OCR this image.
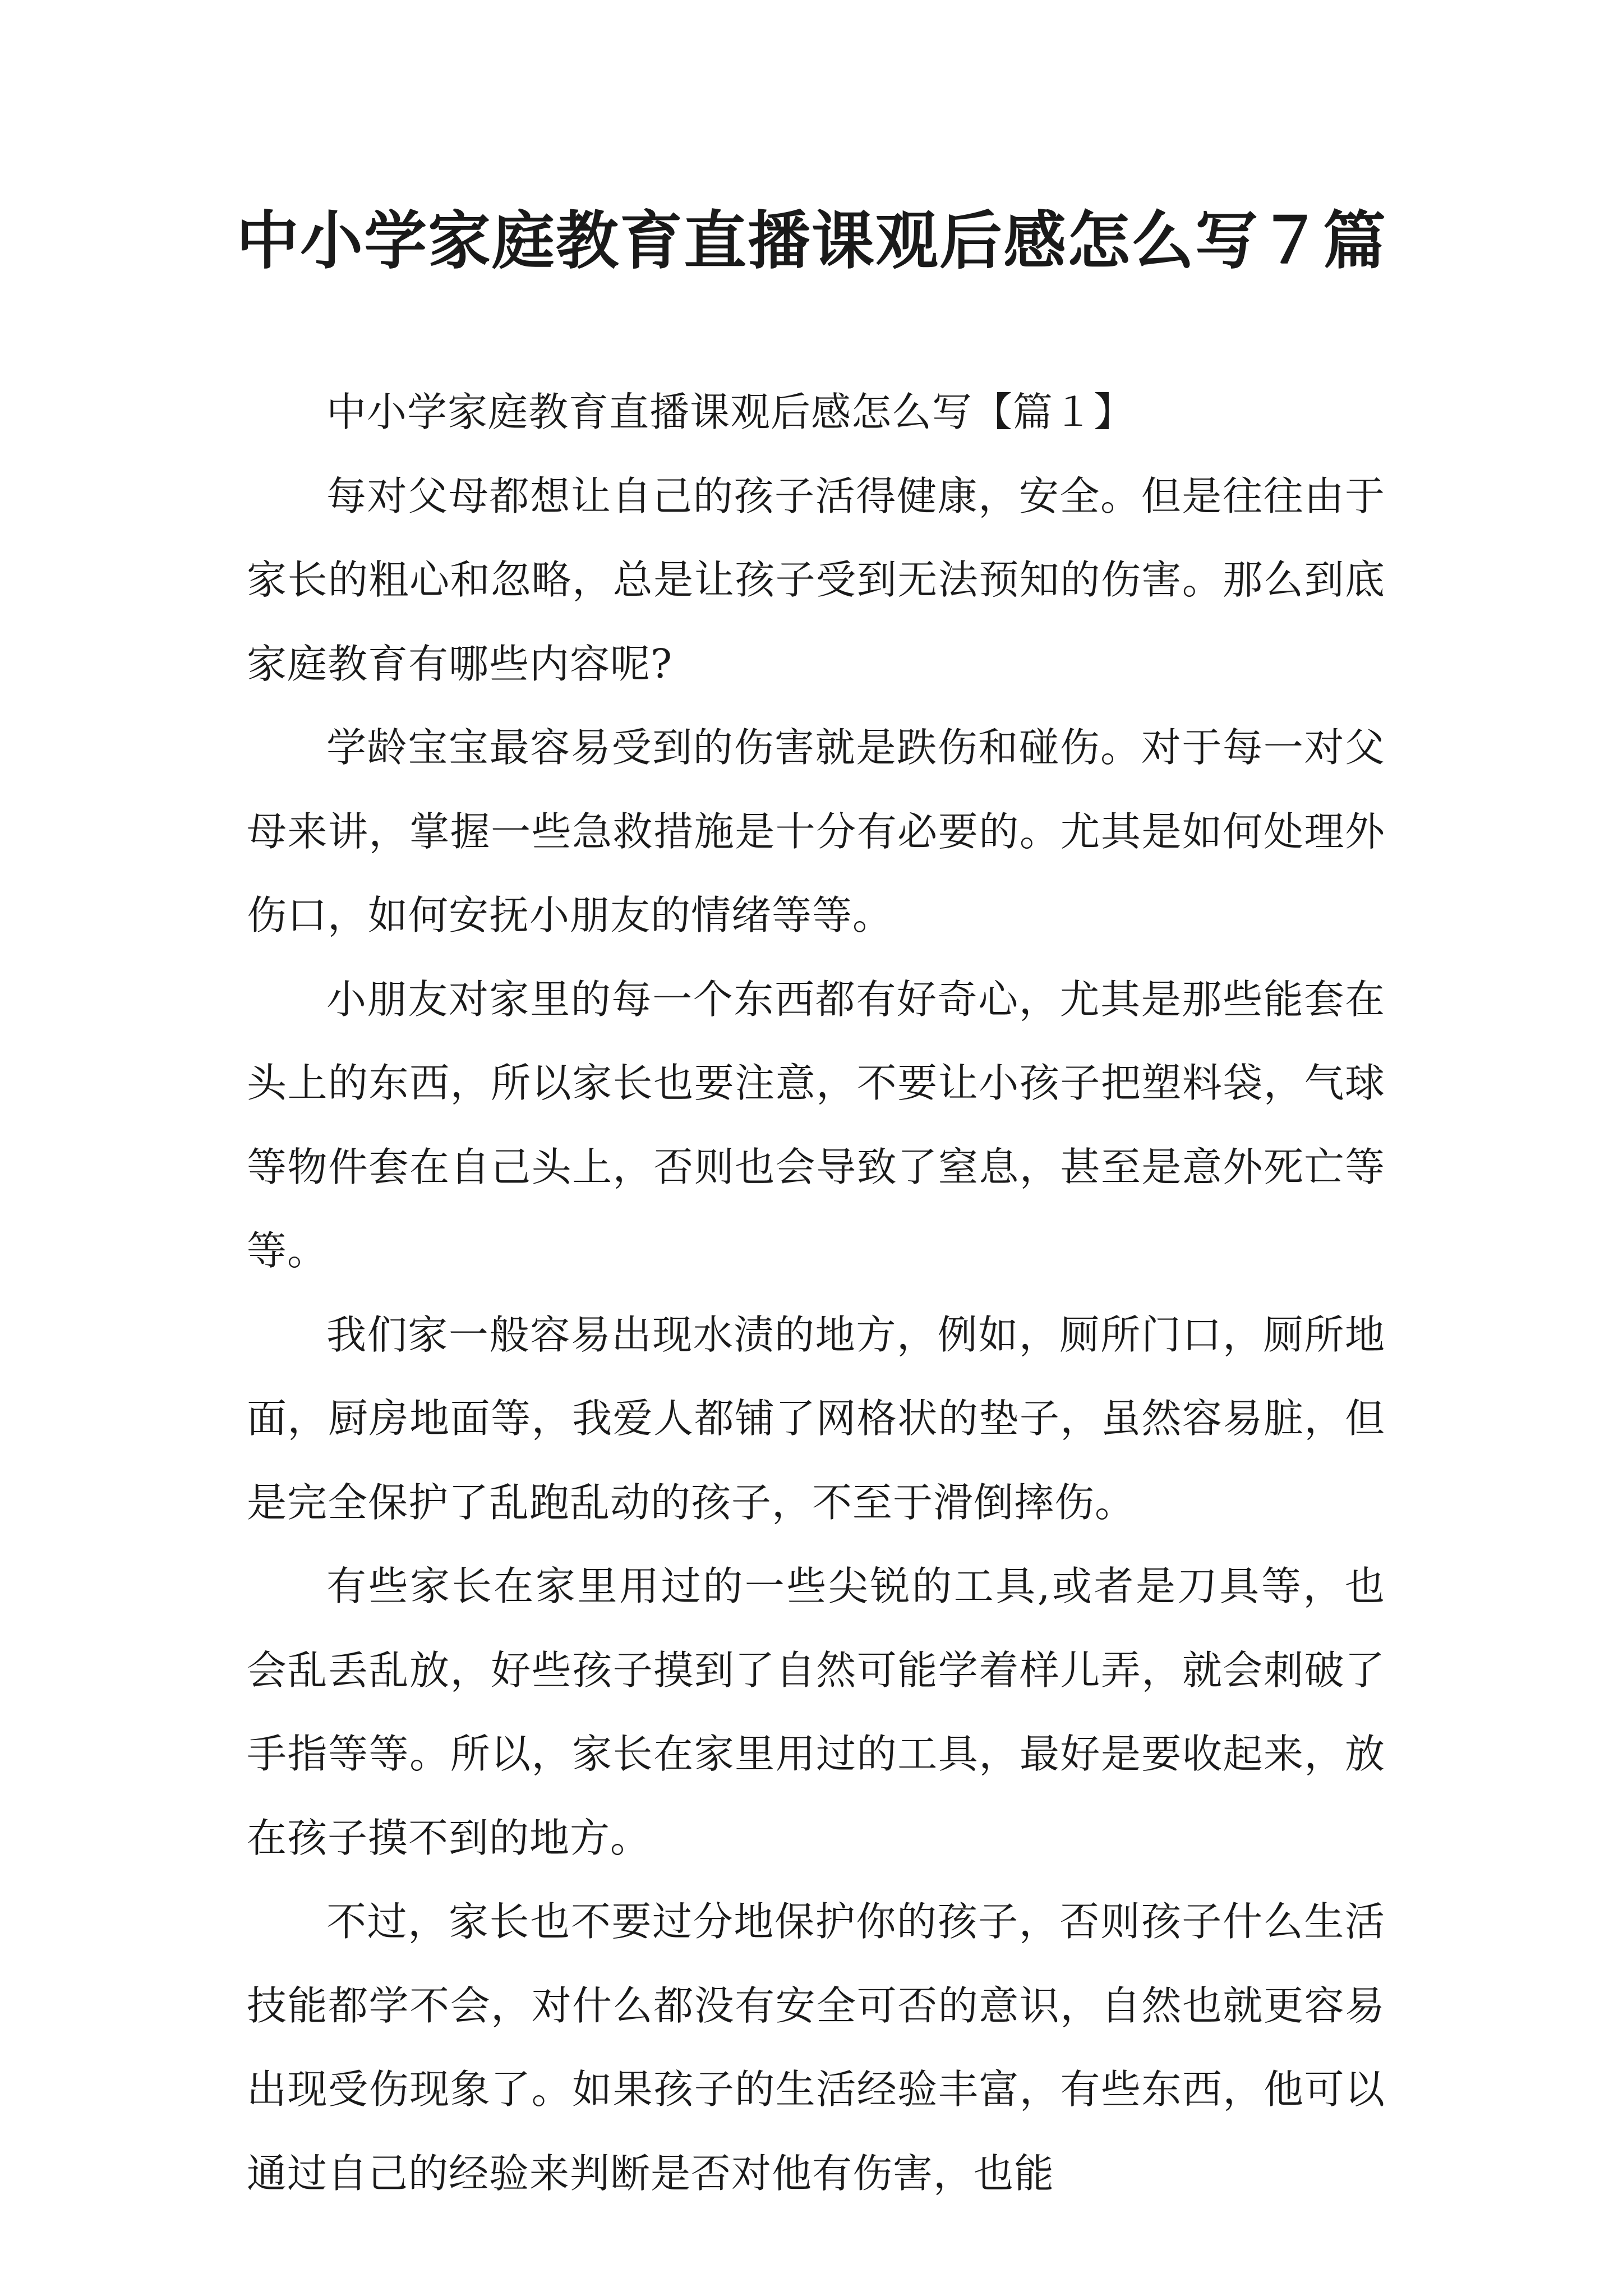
中小学家庭教育直播课观后感怎么写７篇

中小学家庭教育直播课观后感怎么写【篇１】

每对父母都想让自己的孩子活得健康，安全。但是往往由于家长的粗心和忽略，总是让孩子受到无法预知的伤害。那么到底家庭教育有哪些内容呢?

学龄宝宝最容易受到的伤害就是跌伤和碰伤。对于每一对父母来讲，掌握一些急救措施是十分有必要的。尤其是如何处理外伤口，如何安抚小朋友的情绪等等。

小朋友对家里的每一个东西都有好奇心，尤其是那些能套在头上的东西，所以家长也要注意，不要让小孩子把塑料袋，气球等物件套在自己头上，否则也会导致了窒息，甚至是意外死亡等等。

我们家一般容易出现水渍的地方，例如，厕所门口，厕所地面，厨房地面等，我爱人都铺了网格状的垫子，虽然容易脏，但是完全保护了乱跑乱动的孩子，不至于滑倒摔伤。

有些家长在家里用过的一些尖锐的工具,或者是刀具等，也会乱丢乱放，好些孩子摸到了自然可能学着样儿弄，就会刺破了手指等等。所以，家长在家里用过的工具，最好是要收起来，放在孩子摸不到的地方。

不过，家长也不要过分地保护你的孩子，否则孩子什么生活技能都学不会，对什么都没有安全可否的意识，自然也就更容易出现受伤现象了。如果孩子的生活经验丰富，有些东西，他可以通过自己的经验来判断是否对他有伤害，也能
